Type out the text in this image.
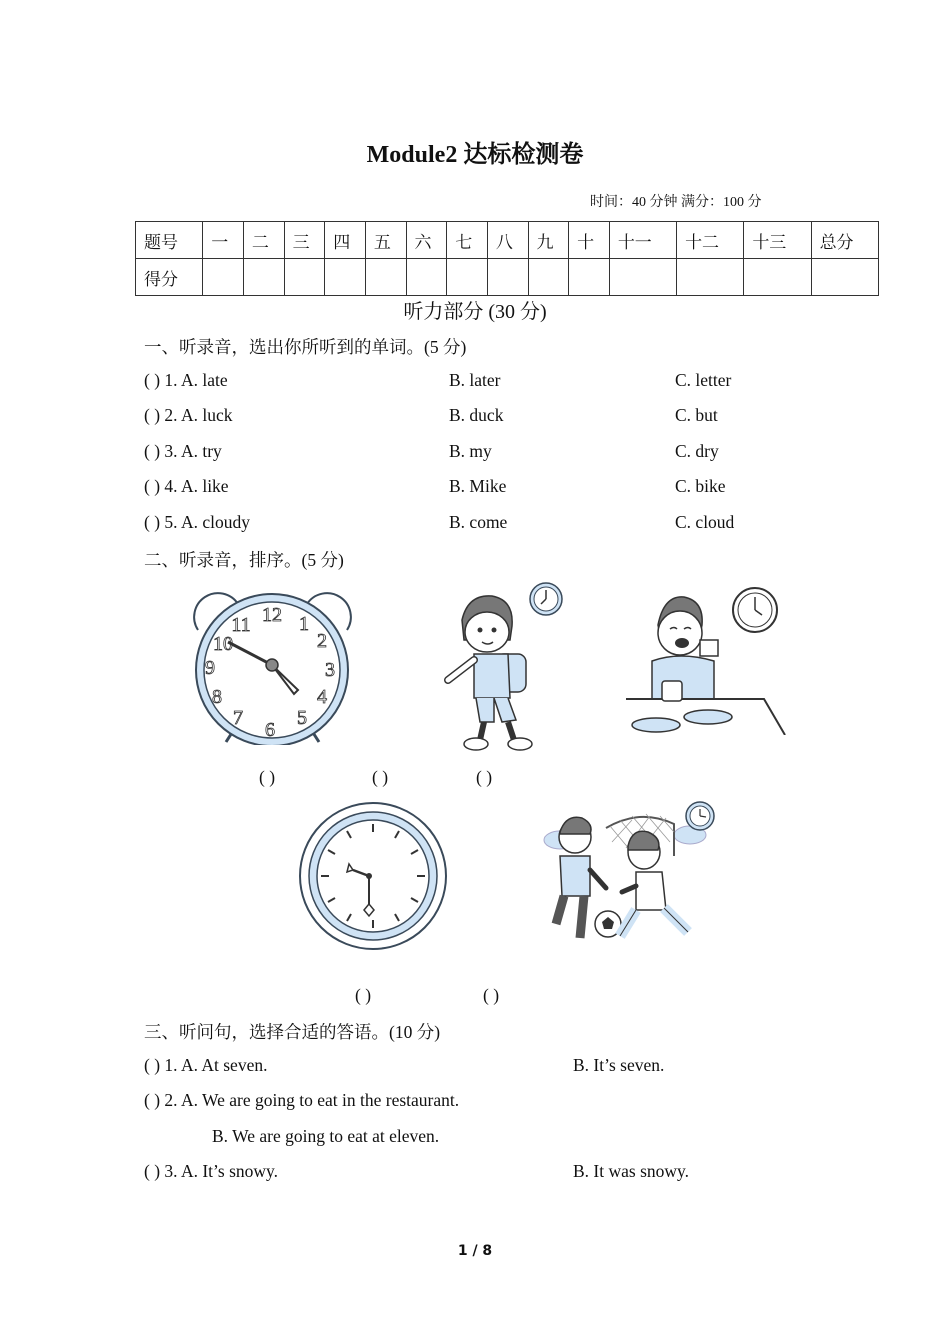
Module2 达标检测卷
时间：40 分钟 满分：100 分
题号	一	二	三	四	五	六	七	八	九	十	十一	十二	十三	总分
得分														
听力部分 (30 分)
一、听录音，选出你所听到的单词。(5 分)
( ) 1. A. late	B. later	C. letter
( ) 2. A. luck	B. duck	C. but
( ) 3. A. try	B. my	C. dry
( ) 4. A. like	B. Mike	C. bike
( ) 5. A. cloudy	B. come	C. cloud
二、听录音，排序。(5 分)
12 1
2
3
4
5
6
7
8
9
10
11
( )	( )	( )
( )	( )
三、听问句，选择合适的答语。(10 分)
( ) 1. A. At seven.	B. It’s seven.
( ) 2. A. We are going to eat in the restaurant.
B. We are going to eat at eleven.
( ) 3. A. It’s snowy.	B. It was snowy.
1 / 8
